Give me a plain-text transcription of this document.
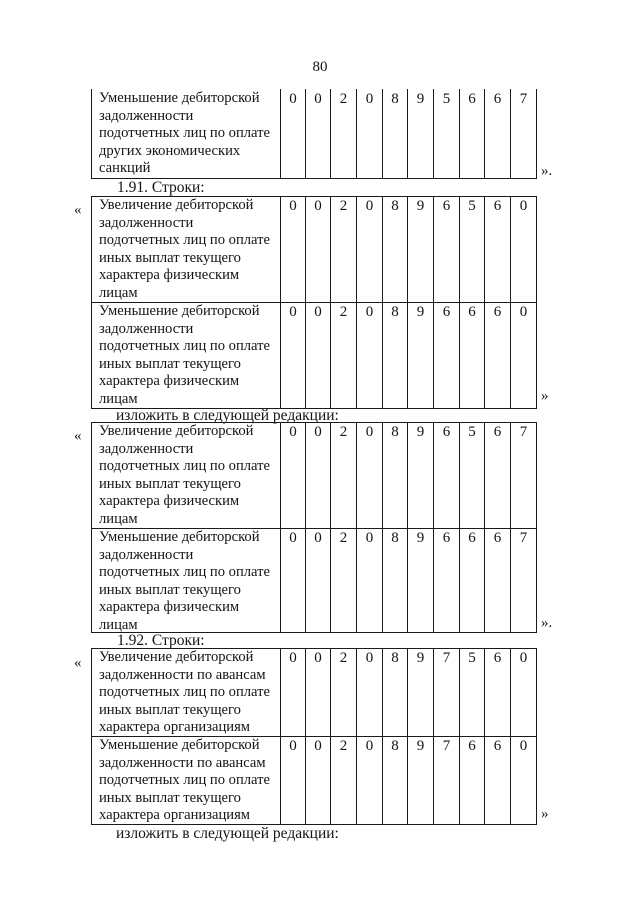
80
Уменьшение дебиторской
задолженности
подотчетных лиц по оплате
других экономических
санкций
0	0	2	0	8	9	5	6	6	7
».
1.91. Строки:
« Увеличение дебиторской
задолженности
подотчетных лиц по оплате
иных выплат текущего
характера физическим
лицам
0	0	2	0	8	9	6	5	6	0
Уменьшение дебиторской
задолженности
подотчетных лиц по оплате
иных выплат текущего
характера физическим
лицам
0	0	2	0	8	9	6	6	6	0
»
изложить в следующей редакции:
« Увеличение дебиторской
задолженности
подотчетных лиц по оплате
иных выплат текущего
характера физическим
лицам
0	0	2	0	8	9	6	5	6	7
Уменьшение дебиторской
задолженности
подотчетных лиц по оплате
иных выплат текущего
характера физическим
лицам
0	0	2	0	8	9	6	6	6	7
».
1.92. Строки:
« Увеличение дебиторской
задолженности по авансам
подотчетных лиц по оплате
иных выплат текущего
характера организациям
0	0	2	0	8	9	7	5	6	0
Уменьшение дебиторской
задолженности по авансам
подотчетных лиц по оплате
иных выплат текущего
характера организациям
0	0	2	0	8	9	7	6	6	0
»
изложить в следующей редакции:
